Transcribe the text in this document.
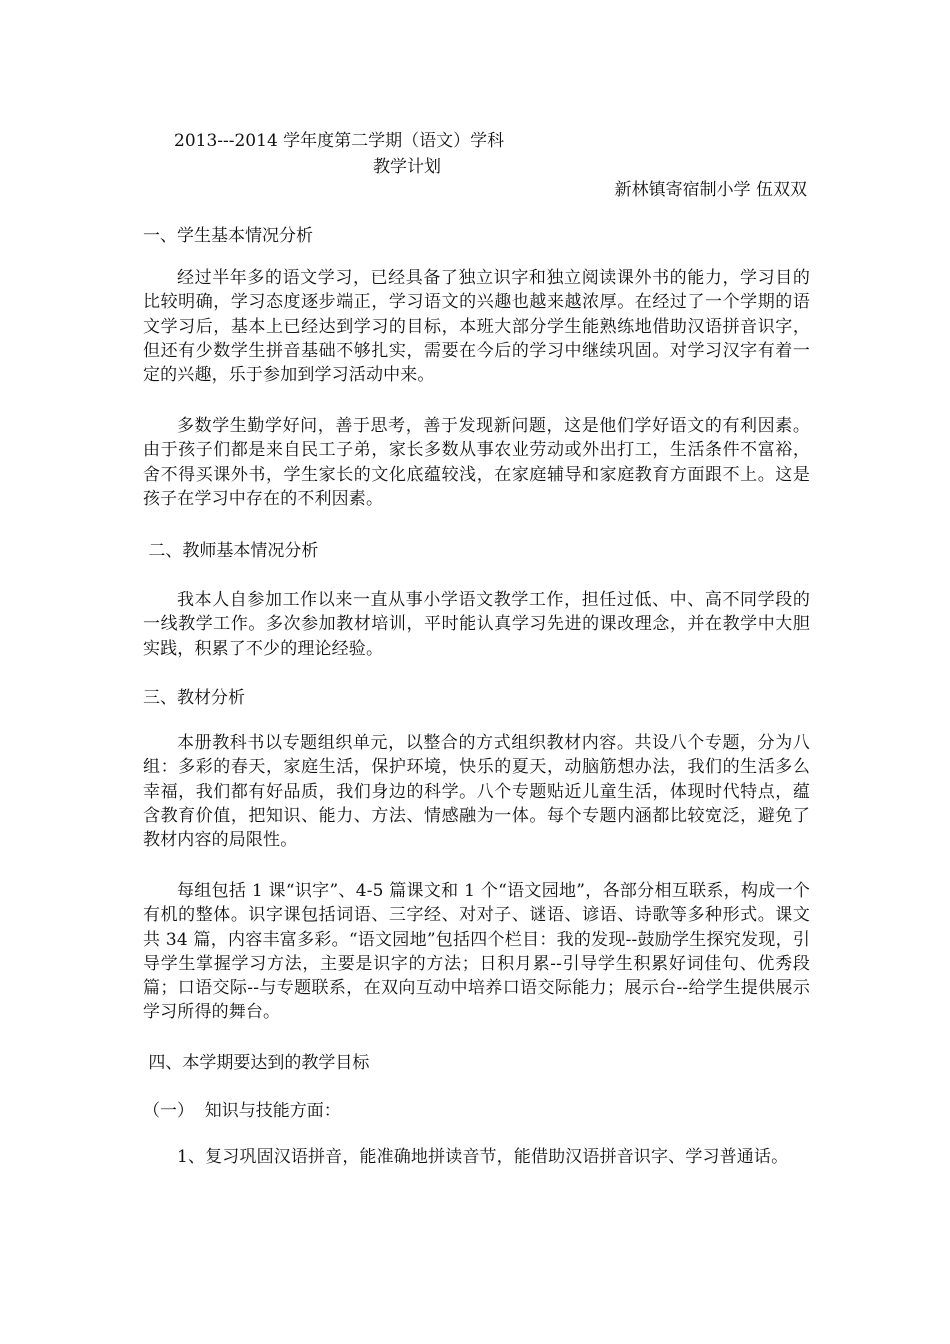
2013---2014 学年度第二学期（语文）学科
教学计划
新林镇寄宿制小学 伍双双
一、学生基本情况分析
经过半年多的语文学习，已经具备了独立识字和独立阅读课外书的能力，学习目的比较明确，学习态度逐步端正，学习语文的兴趣也越来越浓厚。在经过了一个学期的语文学习后，基本上已经达到学习的目标，本班大部分学生能熟练地借助汉语拼音识字，但还有少数学生拼音基础不够扎实，需要在今后的学习中继续巩固。对学习汉字有着一定的兴趣，乐于参加到学习活动中来。
多数学生勤学好问，善于思考，善于发现新问题，这是他们学好语文的有利因素。由于孩子们都是来自民工子弟，家长多数从事农业劳动或外出打工，生活条件不富裕，舍不得买课外书，学生家长的文化底蕴较浅，在家庭辅导和家庭教育方面跟不上。这是孩子在学习中存在的不利因素。
二、教师基本情况分析
我本人自参加工作以来一直从事小学语文教学工作，担任过低、中、高不同学段的一线教学工作。多次参加教材培训，平时能认真学习先进的课改理念，并在教学中大胆实践，积累了不少的理论经验。
三、教材分析
本册教科书以专题组织单元，以整合的方式组织教材内容。共设八个专题，分为八组：多彩的春天，家庭生活，保护环境，快乐的夏天，动脑筋想办法，我们的生活多么幸福，我们都有好品质，我们身边的科学。八个专题贴近儿童生活，体现时代特点，蕴含教育价值，把知识、能力、方法、情感融为一体。每个专题内涵都比较宽泛，避免了教材内容的局限性。
每组包括 1 课“识字”、4-5 篇课文和 1 个“语文园地”，各部分相互联系，构成一个有机的整体。识字课包括词语、三字经、对对子、谜语、谚语、诗歌等多种形式。课文共 34 篇，内容丰富多彩。“语文园地”包括四个栏目：我的发现--鼓励学生探究发现，引导学生掌握学习方法，主要是识字的方法；日积月累--引导学生积累好词佳句、优秀段篇；口语交际--与专题联系，在双向互动中培养口语交际能力；展示台--给学生提供展示学习所得的舞台。
四、本学期要达到的教学目标
（一）  知识与技能方面：
1、复习巩固汉语拼音，能准确地拼读音节，能借助汉语拼音识字、学习普通话。
